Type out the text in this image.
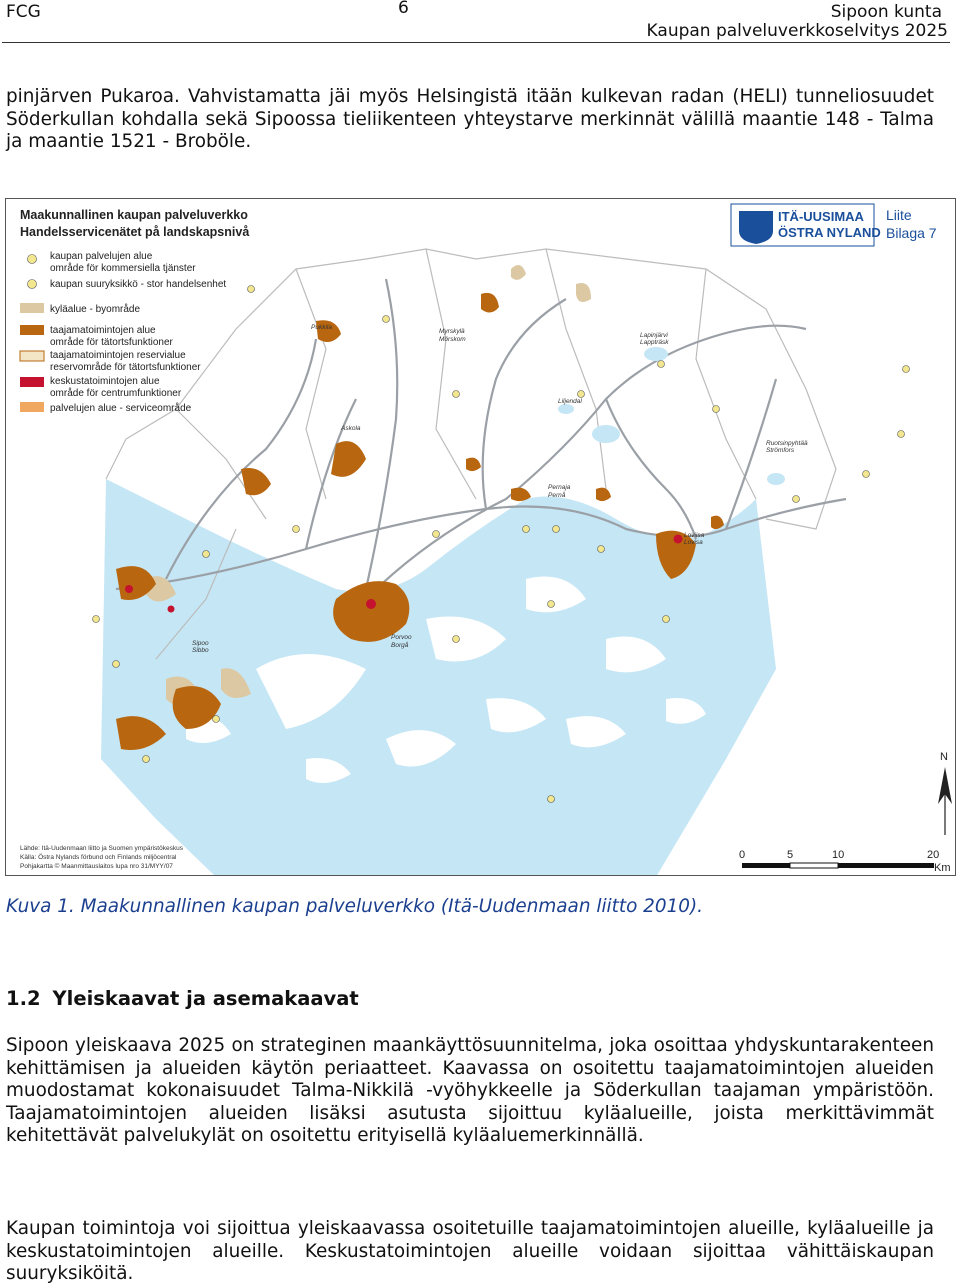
FCG	6	Sipoon kunta
Kaupan palveluverkkoselvitys 2025
pinjärven Pukaroa. Vahvistamatta jäi myös Helsingistä itään kulkevan radan (HELI) tunneliosuudet Söderkullan kohdalla sekä Sipoossa tieliikenteen yhteystarve merkinnät välillä maantie 148 - Talma ja maantie 1521 - Broböle.
Maakunnallinen kaupan palveluverkko
Handelsservicenätet på landskapsnivå
kaupan palvelujen alue
område för kommersiella tjänster
kaupan suuryksikkö - stor handelsenhet
kyläalue - byområde
taajamatoimintojen alue
område för tätortsfunktioner
taajamatoimintojen reservialue
reservområde för tätortsfunktioner
keskustatoimintojen alue
område för centrumfunktioner
palvelujen alue - serviceområde
ITÄ-UUSIMAA
ÖSTRA NYLAND
Liite
Bilaga 7
Pukkila
Myrskylä
Mörskom
Lapinjärvi
Lappträsk
Askola
Liljendal
Ruotsinpyhtää
Strömfors
Pernaja
Pernå
Loviisa
Lovisa
Sipoo
Sibbo
Porvoo
Borgå
Lähde: Itä-Uudenmaan liitto ja Suomen ympäristökeskus
Källa: Östra Nylands förbund och Finlands miljöcentral
Pohjakartta © Maanmittauslaitos lupa nro 31/MYY/07
N
0	5	10	20
Km
Kuva 1. Maakunnallinen kaupan palveluverkko (Itä-Uudenmaan liitto 2010).
1.2 Yleiskaavat ja asemakaavat
Sipoon yleiskaava 2025 on strateginen maankäyttösuunnitelma, joka osoittaa yhdyskuntarakenteen kehittämisen ja alueiden käytön periaatteet. Kaavassa on osoitettu taajamatoimintojen alueiden muodostamat kokonaisuudet Talma-Nikkilä -vyöhykkeelle ja Söderkullan taajaman ympäristöön. Taajamatoimintojen alueiden lisäksi asutusta sijoittuu kyläalueille, joista merkittävimmät kehitettävät palvelukylät on osoitettu erityisellä kyläaluemerkinnällä.
Kaupan toimintoja voi sijoittua yleiskaavassa osoitetuille taajamatoimintojen alueille, kyläalueille ja keskustatoimintojen alueille. Keskustatoimintojen alueille voidaan sijoittaa vähittäiskaupan suuryksiköitä.
